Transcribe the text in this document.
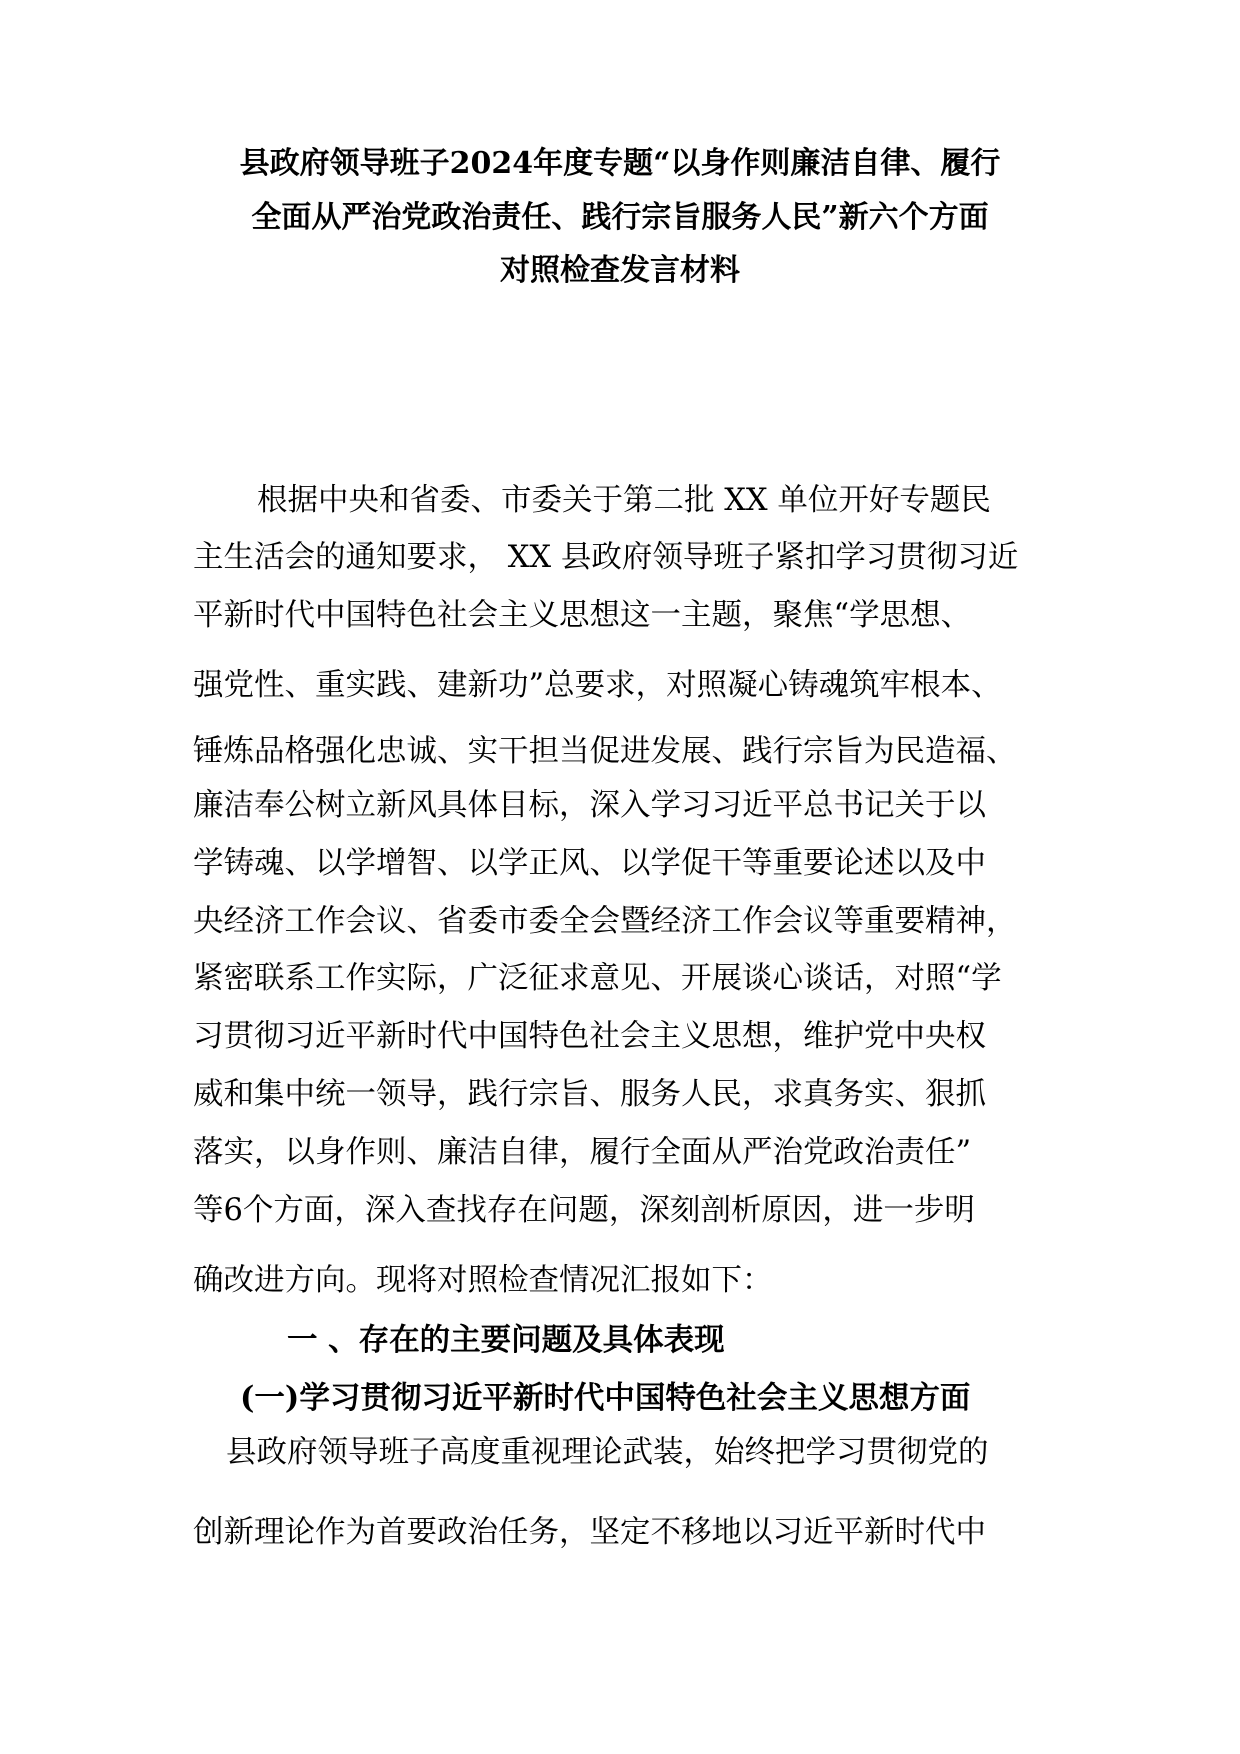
县政府领导班子2024年度专题“以身作则廉洁自律、履行
全面从严治党政治责任、践行宗旨服务人民”新六个方面
对照检查发言材料
根据中央和省委、市委关于第二批 XX 单位开好专题民
主生活会的通知要求， XX 县政府领导班子紧扣学习贯彻习近
平新时代中国特色社会主义思想这一主题，聚焦“学思想、
强党性、重实践、建新功”总要求，对照凝心铸魂筑牢根本、
锤炼品格强化忠诚、实干担当促进发展、践行宗旨为民造福、
廉洁奉公树立新风具体目标，深入学习习近平总书记关于以
学铸魂、以学增智、以学正风、以学促干等重要论述以及中
央经济工作会议、省委市委全会暨经济工作会议等重要精神，
紧密联系工作实际，广泛征求意见、开展谈心谈话，对照“学
习贯彻习近平新时代中国特色社会主义思想，维护党中央权
威和集中统一领导，践行宗旨、服务人民，求真务实、狠抓
落实，以身作则、廉洁自律，履行全面从严治党政治责任”
等6个方面，深入查找存在问题，深刻剖析原因，进一步明
确改进方向。现将对照检查情况汇报如下：
一 、存在的主要问题及具体表现
(一)学习贯彻习近平新时代中国特色社会主义思想方面
县政府领导班子高度重视理论武装，始终把学习贯彻党的
创新理论作为首要政治任务，坚定不移地以习近平新时代中
